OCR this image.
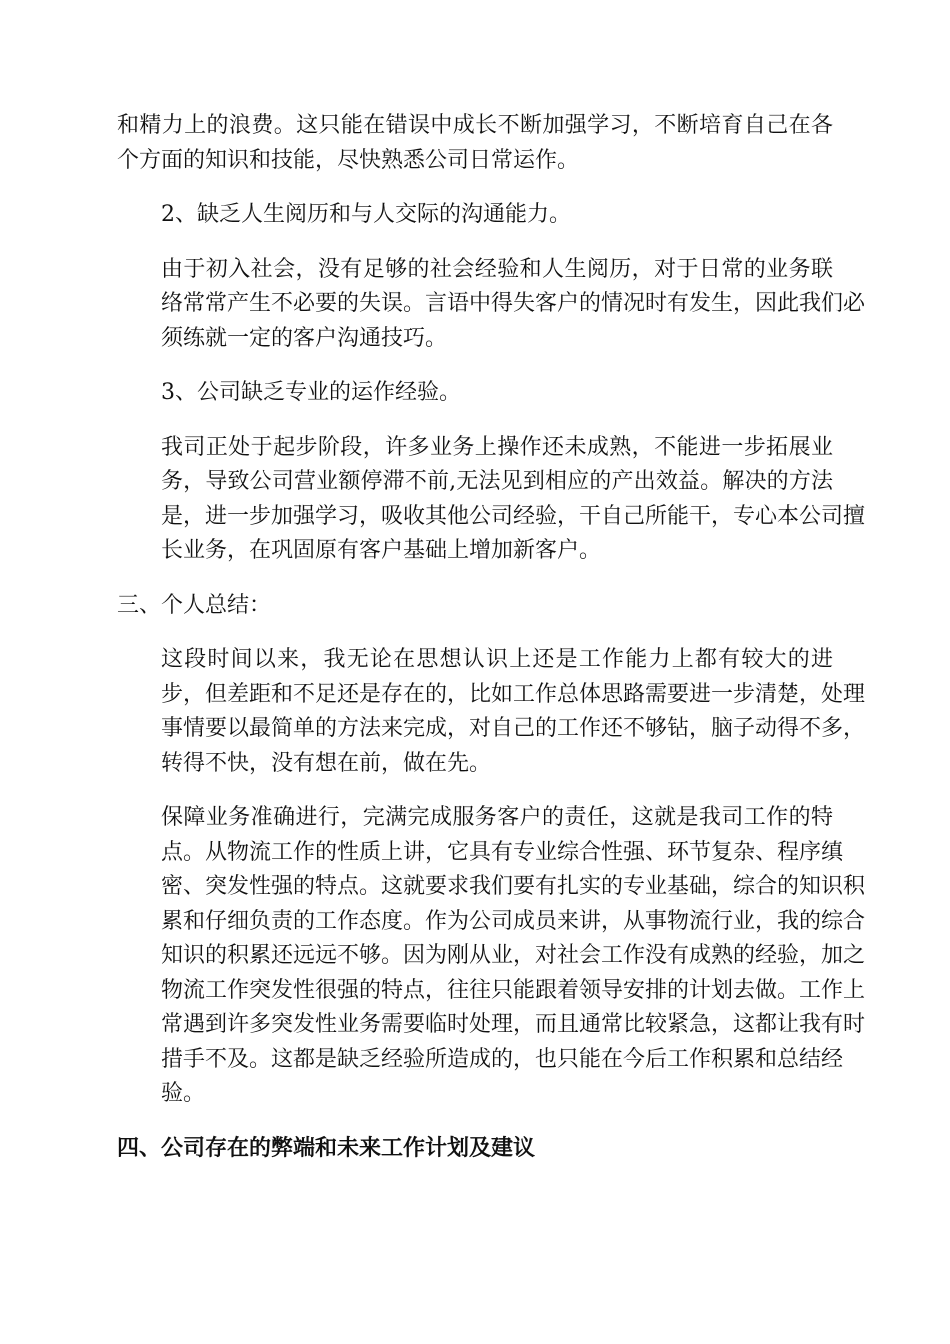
和精力上的浪费。这只能在错误中成长不断加强学习，不断培育自己在各
个方面的知识和技能，尽快熟悉公司日常运作。
2、缺乏人生阅历和与人交际的沟通能力。
由于初入社会，没有足够的社会经验和人生阅历，对于日常的业务联
络常常产生不必要的失误。言语中得失客户的情况时有发生，因此我们必
须练就一定的客户沟通技巧。
3、公司缺乏专业的运作经验。
我司正处于起步阶段，许多业务上操作还未成熟，不能进一步拓展业
务，导致公司营业额停滞不前,无法见到相应的产出效益。解决的方法
是，进一步加强学习，吸收其他公司经验，干自己所能干，专心本公司擅
长业务，在巩固原有客户基础上增加新客户。
三、个人总结：
这段时间以来，我无论在思想认识上还是工作能力上都有较大的进
步，但差距和不足还是存在的，比如工作总体思路需要进一步清楚，处理
事情要以最简单的方法来完成，对自己的工作还不够钻，脑子动得不多，
转得不快，没有想在前，做在先。
保障业务准确进行，完满完成服务客户的责任，这就是我司工作的特
点。从物流工作的性质上讲，它具有专业综合性强、环节复杂、程序缜
密、突发性强的特点。这就要求我们要有扎实的专业基础，综合的知识积
累和仔细负责的工作态度。作为公司成员来讲，从事物流行业，我的综合
知识的积累还远远不够。因为刚从业，对社会工作没有成熟的经验，加之
物流工作突发性很强的特点，往往只能跟着领导安排的计划去做。工作上
常遇到许多突发性业务需要临时处理，而且通常比较紧急，这都让我有时
措手不及。这都是缺乏经验所造成的，也只能在今后工作积累和总结经
验。
四、公司存在的弊端和未来工作计划及建议
